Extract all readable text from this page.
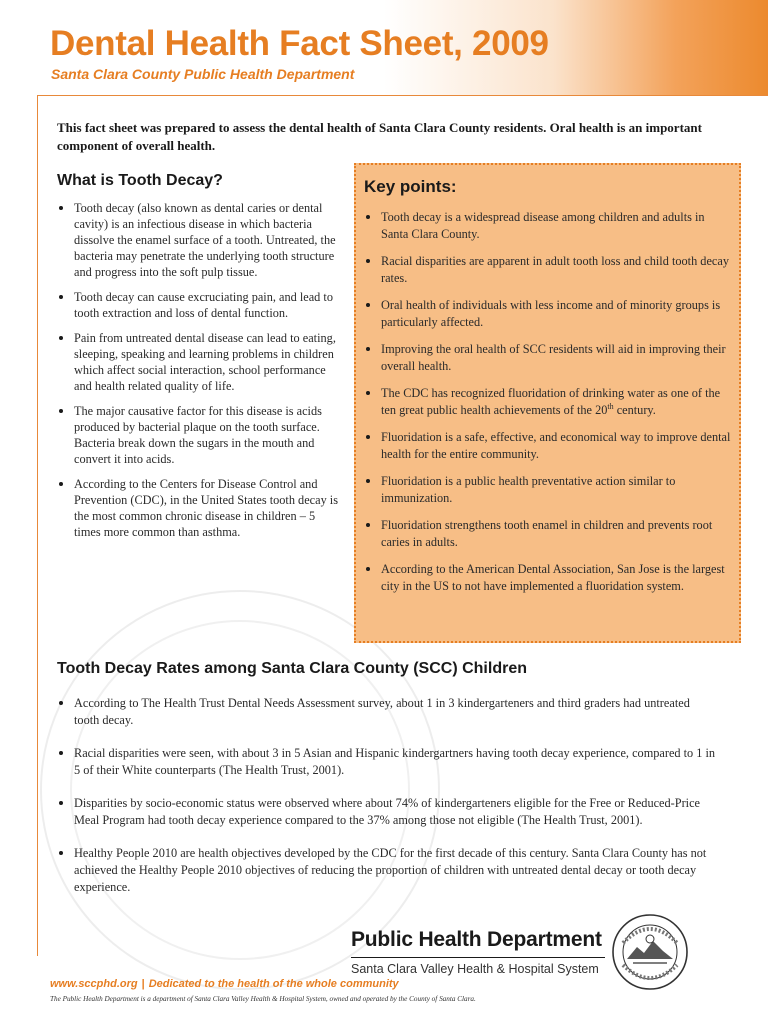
Dental Health Fact Sheet, 2009
Santa Clara County Public Health Department

This fact sheet was prepared to assess the dental health of Santa Clara County residents. Oral health is an important component of overall health.

What is Tooth Decay?
Tooth decay (also known as dental caries or dental cavity) is an infectious disease in which bacteria dissolve the enamel surface of a tooth. Untreated, the bacteria may penetrate the underlying tooth structure and progress into the soft pulp tissue.
Tooth decay can cause excruciating pain, and lead to tooth extraction and loss of dental function.
Pain from untreated dental disease can lead to eating, sleeping, speaking and learning problems in children which affect social interaction, school performance and health related quality of life.
The major causative factor for this disease is acids produced by bacterial plaque on the tooth surface. Bacteria break down the sugars in the mouth and convert it into acids.
According to the Centers for Disease Control and Prevention (CDC), in the United States tooth decay is the most common chronic disease in children – 5 times more common than asthma.
Key points:
Tooth decay is a widespread disease among children and adults in Santa Clara County.
Racial disparities are apparent in adult tooth loss and child tooth decay rates.
Oral health of individuals with less income and of minority groups is particularly affected.
Improving the oral health of SCC residents will aid in improving their overall health.
The CDC has recognized fluoridation of drinking water as one of the ten great public health achievements of the 20th century.
Fluoridation is a safe, effective, and economical way to improve dental health for the entire community.
Fluoridation is a public health preventative action similar to immunization.
Fluoridation strengthens tooth enamel in children and prevents root caries in adults.
According to the American Dental Association, San Jose is the largest city in the US to not have implemented a fluoridation system.
Tooth Decay Rates among Santa Clara County (SCC) Children
According to The Health Trust Dental Needs Assessment survey, about 1 in 3 kindergarteners and third graders had untreated tooth decay.
Racial disparities were seen, with about 3 in 5 Asian and Hispanic kindergartners having tooth decay experience, compared to 1 in 5 of their White counterparts (The Health Trust, 2001).
Disparities by socio-economic status were observed where about 74% of kindergarteners eligible for the Free or Reduced-Price Meal Program had tooth decay experience compared to the 37% among those not eligible (The Health Trust, 2001).
Healthy People 2010 are health objectives developed by the CDC for the first decade of this century. Santa Clara County has not achieved the Healthy People 2010 objectives of reducing the proportion of children with untreated dental decay or tooth decay experience.
Public Health Department
Santa Clara Valley Health & Hospital System
www.sccphd.org | Dedicated to the health of the whole community
The Public Health Department is a department of Santa Clara Valley Health & Hospital System, owned and operated by the County of Santa Clara.
